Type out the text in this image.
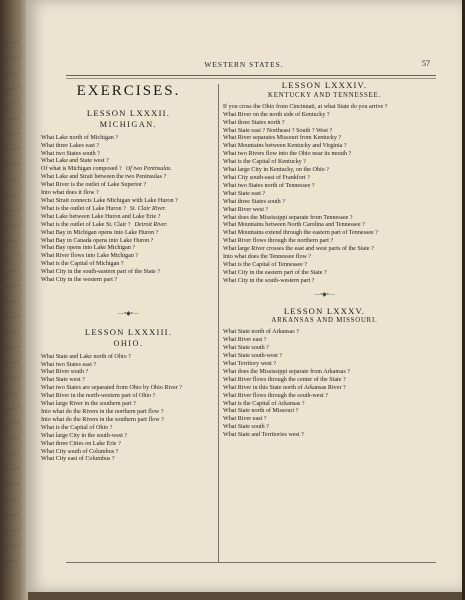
WESTERN STATES.	57
EXERCISES.
LESSON LXXXII.
MICHIGAN.

What Lake north of Michigan ?

What three Lakes east ?

What two States south ?

What Lake and State west ?

Of what is Michigan composed ? Of two Peninsulas.

What Lake and Strait between the two Peninsulas ?

What River is the outlet of Lake Superior ?

Into what does it flow ?

What Strait connects Lake Michigan with Lake Huron ?

What is the outlet of Lake Huron ? St. Clair River.

What Lake between Lake Huron and Lake Erie ?

What is the outlet of Lake St. Clair ? Detroit River.

What Bay in Michigan opens into Lake Huron ?

What Bay in Canada opens into Lake Huron ?

What Bay opens into Lake Michigan ?

What River flows into Lake Michigan ?

What is the Capital of Michigan ?

What City in the south-eastern part of the State ?

What City in the western part ?

—•◆•—
LESSON LXXXIII.
OHIO.

What State and Lake north of Ohio ?

What two States east ?

What River south ?

What State west ?

What two States are separated from Ohio by Ohio River ?

What River in the north-western part of Ohio ?

What large River in the southern part ?

Into what do the Rivers in the northern part flow ?

Into what do the Rivers in the southern part flow ?

What is the Capital of Ohio ?

What large City in the south-west ?

What three Cities on Lake Erie ?

What City south of Columbus ?

What City east of Columbus ?

LESSON LXXXIV.
KENTUCKY AND TENNESSEE.

If you cross the Ohio from Cincinnati, at what State do you arrive ?

What River on the north side of Kentucky ?

What three States north ?

What State east ? Northeast ? South ? West ?

What River separates Missouri from Kentucky ?

What Mountains between Kentucky and Virginia ?

What two Rivers flow into the Ohio near its mouth ?

What is the Capital of Kentucky ?

What large City in Kentucky, on the Ohio ?

What City south-east of Frankfort ?

What two States north of Tennessee ?

What State east ?

What three States south ?

What River west ?

What does the Mississippi separate from Tennessee ?

What Mountains between North Carolina and Tennessee ?

What Mountains extend through the eastern part of Tennessee ?

What River flows through the northern part ?

What large River crosses the east and west parts of the State ?

Into what does the Tennessee flow ?

What is the Capital of Tennessee ?

What City in the eastern part of the State ?

What City in the south-western part ?

—•◆•—
LESSON LXXXV.
ARKANSAS AND MISSOURI.

What State north of Arkansas ?

What River east ?

What State south ?

What State south-west ?

What Territory west ?

What does the Mississippi separate from Arkansas ?

What River flows through the center of the State ?

What River in this State north of Arkansas River ?

What River flows through the south-west ?

What is the Capital of Arkansas ?

What State north of Missouri ?

What River east ?

What State south ?

What State and Territories west ?
